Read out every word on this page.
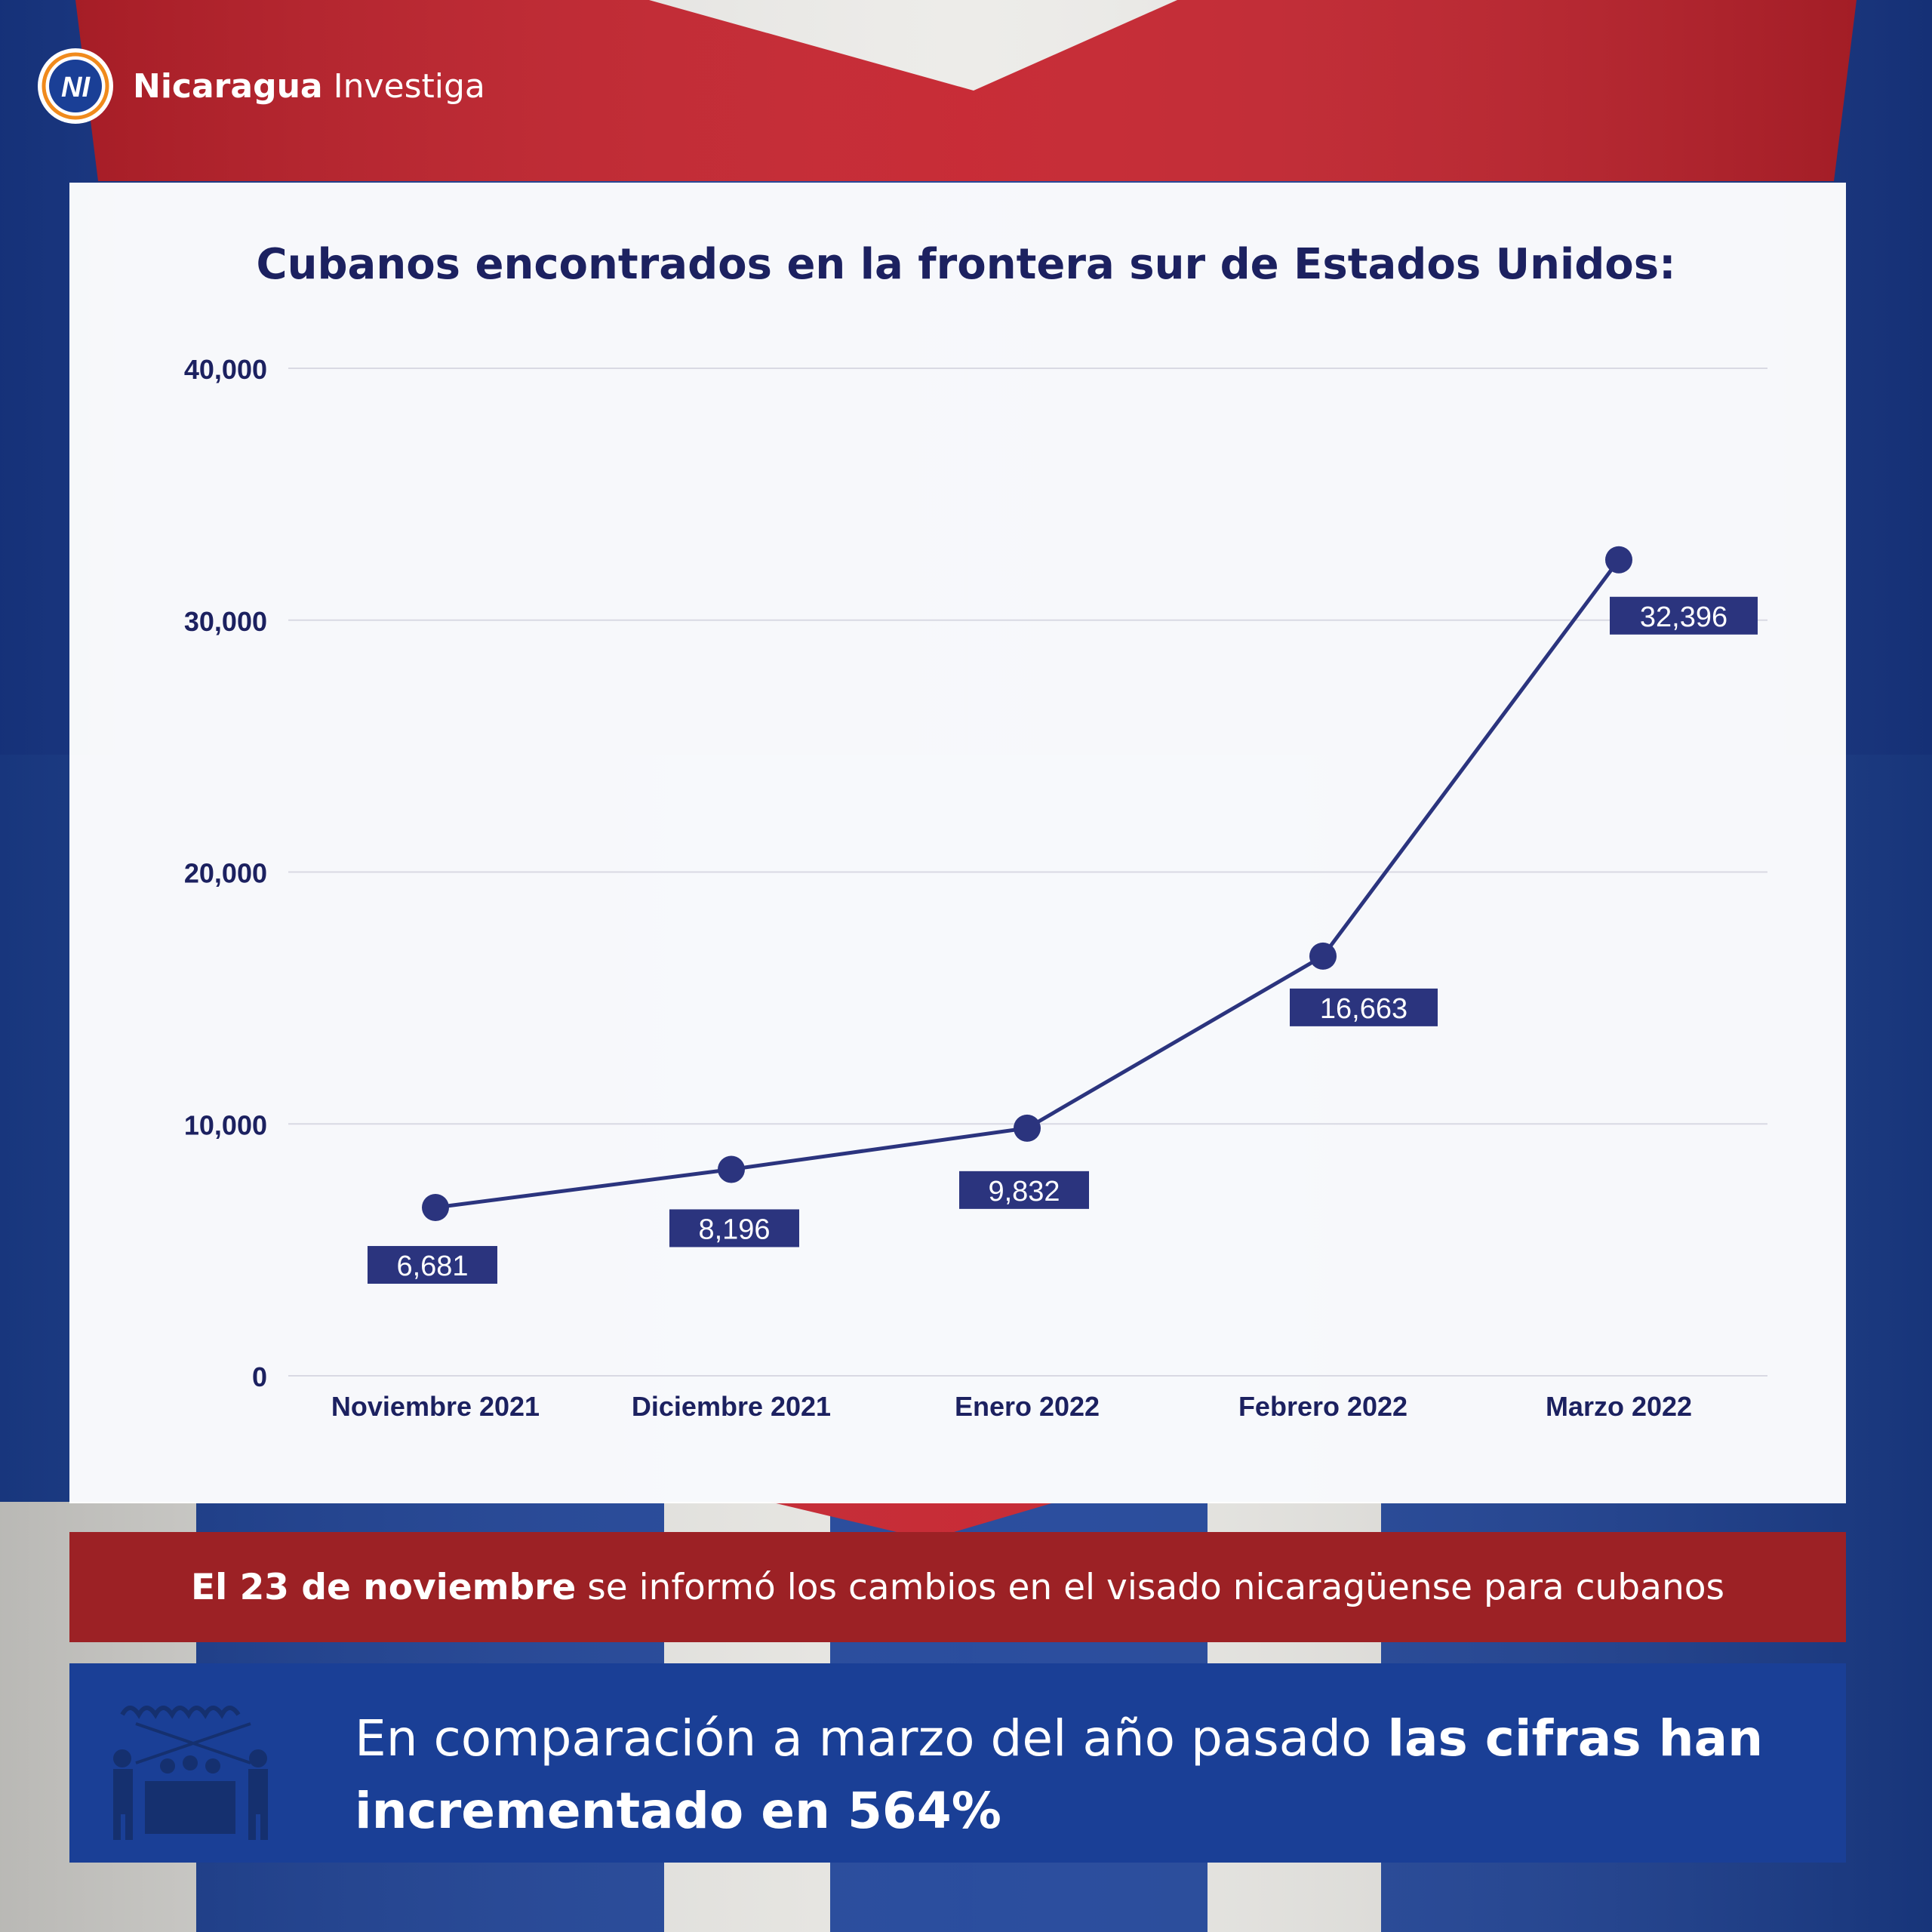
NI Nicaragua Investiga
0
10,000
20,000
30,000
40,000
Noviembre 2021	Diciembre 2021	Enero 2022	Febrero 2022	Marzo 2022
6,681
8,196
9,832
16,663
32,396
Cubanos encontrados en la frontera sur de Estados Unidos:
El 23 de noviembre se informó los cambios en el visado nicaragüense para cubanos
En comparación a marzo del año pasado las cifras han incrementado en 564%
